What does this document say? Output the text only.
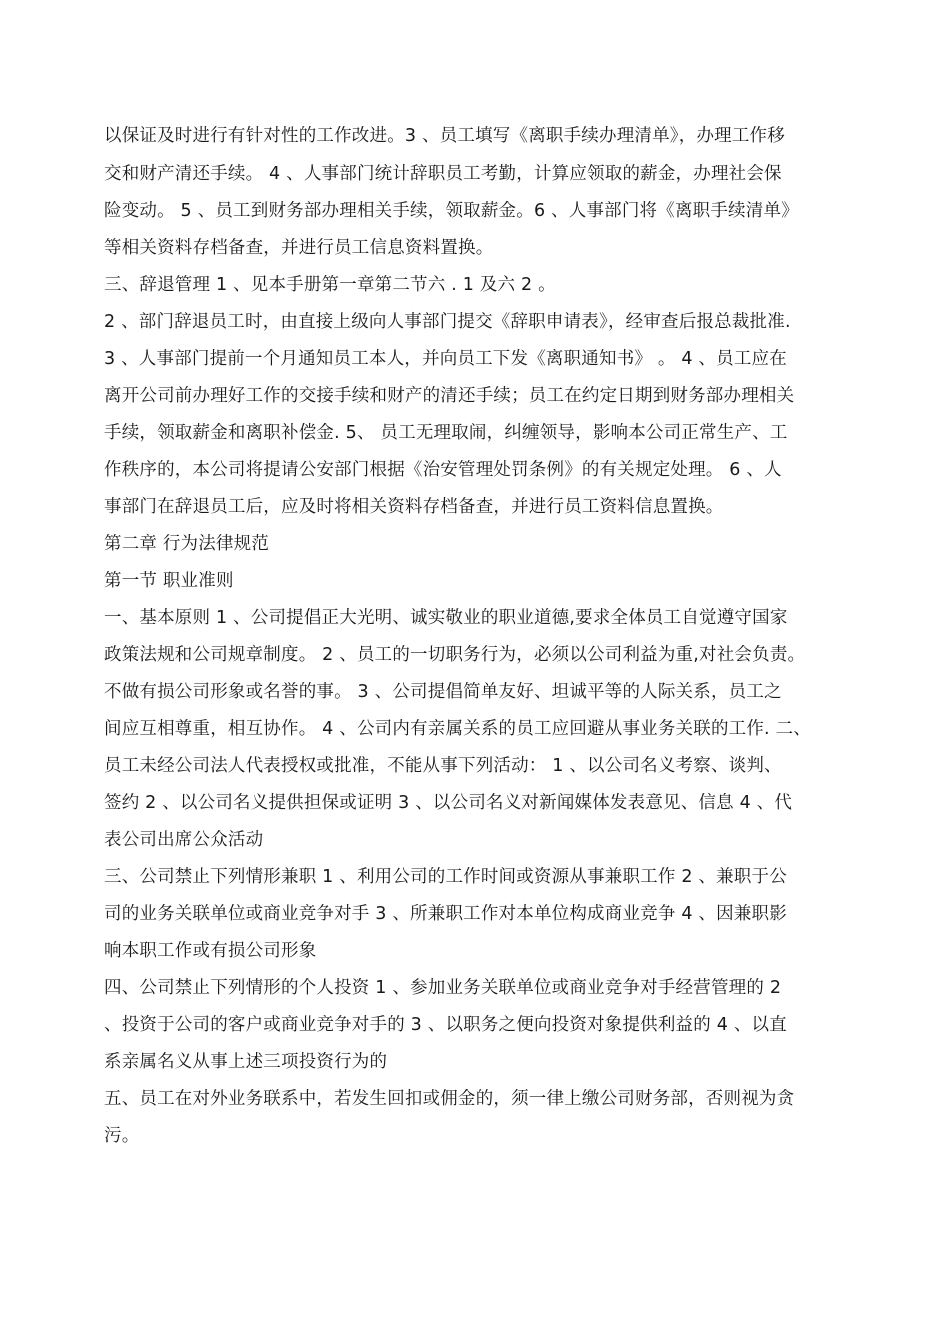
以保证及时进行有针对性的工作改进。3 、员工填写《离职手续办理清单》，办理工作移
交和财产清还手续。 4 、人事部门统计辞职员工考勤，计算应领取的薪金，办理社会保
险变动。 5 、员工到财务部办理相关手续，领取薪金。6 、人事部门将《离职手续清单》
等相关资料存档备查，并进行员工信息资料置换。
三、辞退管理 1 、见本手册第一章第二节六 . 1 及六 2 。
2 、部门辞退员工时，由直接上级向人事部门提交《辞职申请表》，经审查后报总裁批准.
3 、人事部门提前一个月通知员工本人，并向员工下发《离职通知书》 。 4 、员工应在
离开公司前办理好工作的交接手续和财产的清还手续；员工在约定日期到财务部办理相关
手续，领取薪金和离职补偿金. 5、 员工无理取闹，纠缠领导，影响本公司正常生产、工
作秩序的，本公司将提请公安部门根据《治安管理处罚条例》的有关规定处理。 6 、人
事部门在辞退员工后，应及时将相关资料存档备查，并进行员工资料信息置换。
第二章 行为法律规范
第一节 职业准则
一、基本原则 1 、公司提倡正大光明、诚实敬业的职业道德,要求全体员工自觉遵守国家
政策法规和公司规章制度。 2 、员工的一切职务行为，必须以公司利益为重,对社会负责。
不做有损公司形象或名誉的事。 3 、公司提倡简单友好、坦诚平等的人际关系，员工之
间应互相尊重，相互协作。 4 、公司内有亲属关系的员工应回避从事业务关联的工作. 二、
员工未经公司法人代表授权或批准，不能从事下列活动： 1 、以公司名义考察、谈判、
签约 2 、以公司名义提供担保或证明 3 、以公司名义对新闻媒体发表意见、信息 4 、代
表公司出席公众活动
三、公司禁止下列情形兼职 1 、利用公司的工作时间或资源从事兼职工作 2 、兼职于公
司的业务关联单位或商业竞争对手 3 、所兼职工作对本单位构成商业竞争 4 、因兼职影
响本职工作或有损公司形象
四、公司禁止下列情形的个人投资 1 、参加业务关联单位或商业竞争对手经营管理的 2
、投资于公司的客户或商业竞争对手的 3 、以职务之便向投资对象提供利益的 4 、以直
系亲属名义从事上述三项投资行为的
五、员工在对外业务联系中，若发生回扣或佣金的，须一律上缴公司财务部，否则视为贪
污。
